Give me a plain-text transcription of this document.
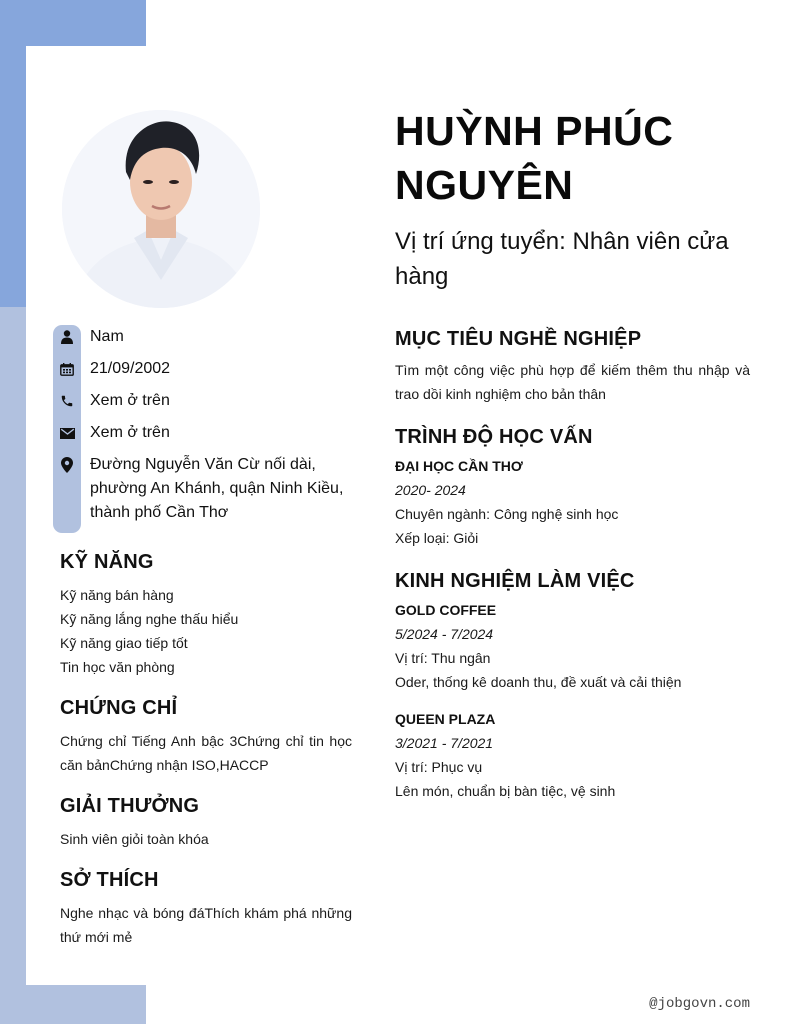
Nam
21/09/2002
Xem ở trên
Xem ở trên
Đường Nguyễn Văn Cừ nối dài, phường An Khánh, quận Ninh Kiều, thành phố Cần Thơ
KỸ NĂNG
Kỹ năng bán hàng
Kỹ năng lắng nghe thấu hiểu
Kỹ năng giao tiếp tốt
Tin học văn phòng
CHỨNG CHỈ
Chứng chỉ Tiếng Anh bậc 3Chứng chỉ tin học căn bảnChứng nhận ISO,HACCP
GIẢI THƯỞNG
Sinh viên giỏi toàn khóa
SỞ THÍCH
Nghe nhạc và bóng đáThích khám phá những thứ mới mẻ
HUỲNH PHÚC NGUYÊN
Vị trí ứng tuyển: Nhân viên cửa hàng
MỤC TIÊU NGHỀ NGHIỆP
Tìm một công việc phù hợp để kiếm thêm thu nhập và trao dồi kinh nghiệm cho bản thân
TRÌNH ĐỘ HỌC VẤN
ĐẠI HỌC CẦN THƠ
2020- 2024
Chuyên ngành: Công nghệ sinh học
Xếp loại: Giỏi
KINH NGHIỆM LÀM VIỆC
GOLD COFFEE
5/2024 - 7/2024
Vị trí: Thu ngân
Oder, thống kê doanh thu, đề xuất và cải thiện
QUEEN PLAZA
3/2021 - 7/2021
Vị trí: Phục vụ
Lên món, chuẩn bị bàn tiệc, vệ sinh
@jobgovn.com
